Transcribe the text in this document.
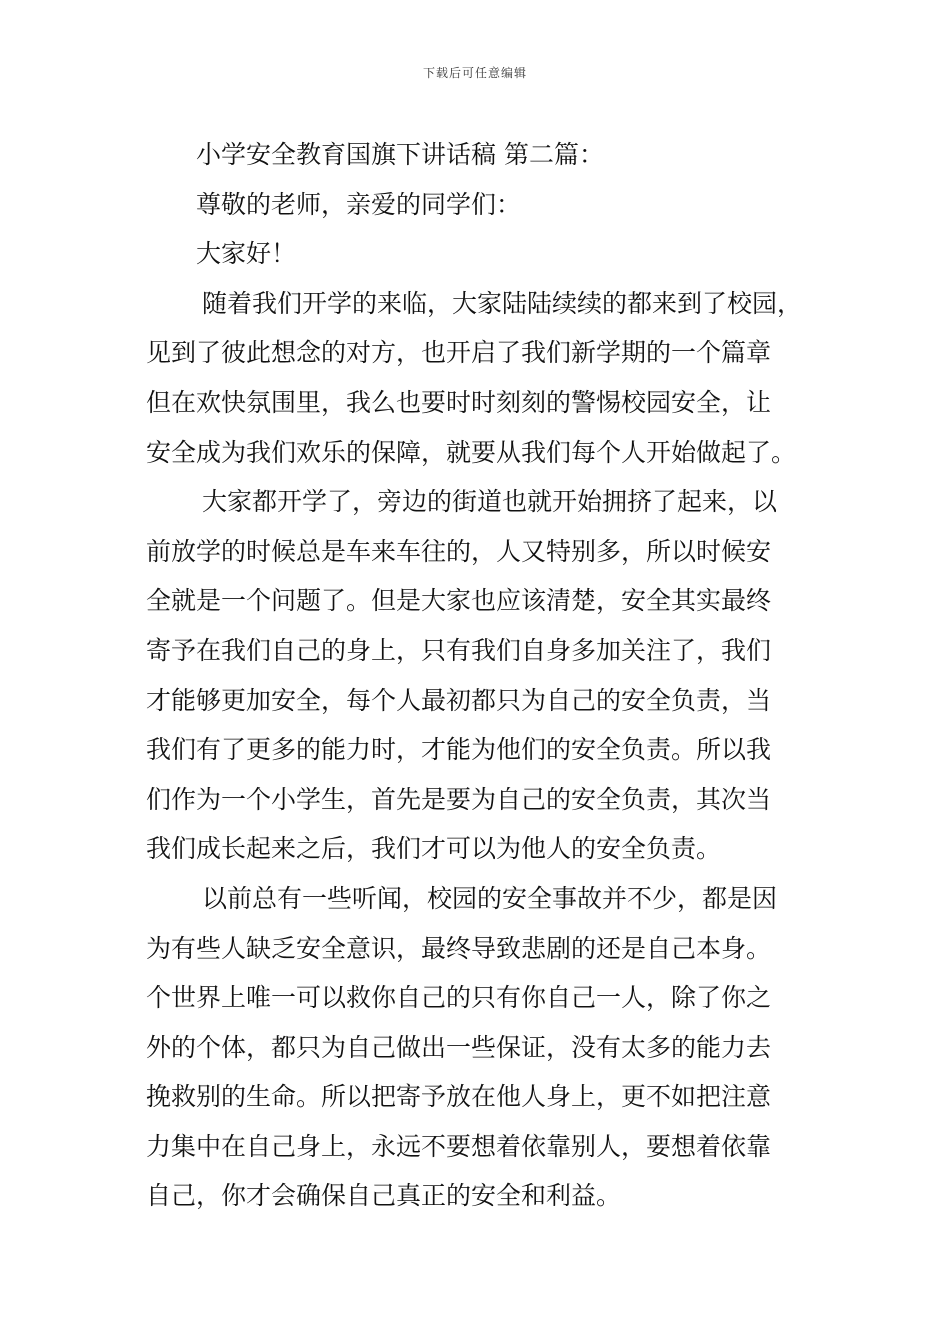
下载后可任意编辑
小学安全教育国旗下讲话稿 第二篇：
尊敬的老师，亲爱的同学们：
大家好！
随着我们开学的来临，大家陆陆续续的都来到了校园，
见到了彼此想念的对方，也开启了我们新学期的一个篇章
但在欢快氛围里，我么也要时时刻刻的警惕校园安全，让
安全成为我们欢乐的保障，就要从我们每个人开始做起了。
大家都开学了，旁边的街道也就开始拥挤了起来，以
前放学的时候总是车来车往的，人又特别多，所以时候安
全就是一个问题了。但是大家也应该清楚，安全其实最终
寄予在我们自己的身上，只有我们自身多加关注了，我们
才能够更加安全，每个人最初都只为自己的安全负责，当
我们有了更多的能力时，才能为他们的安全负责。所以我
们作为一个小学生，首先是要为自己的安全负责，其次当
我们成长起来之后，我们才可以为他人的安全负责。
以前总有一些听闻，校园的安全事故并不少，都是因
为有些人缺乏安全意识，最终导致悲剧的还是自己本身。
个世界上唯一可以救你自己的只有你自己一人，除了你之
外的个体，都只为自己做出一些保证，没有太多的能力去
挽救别的生命。所以把寄予放在他人身上，更不如把注意
力集中在自己身上，永远不要想着依靠别人，要想着依靠
自己，你才会确保自己真正的安全和利益。
